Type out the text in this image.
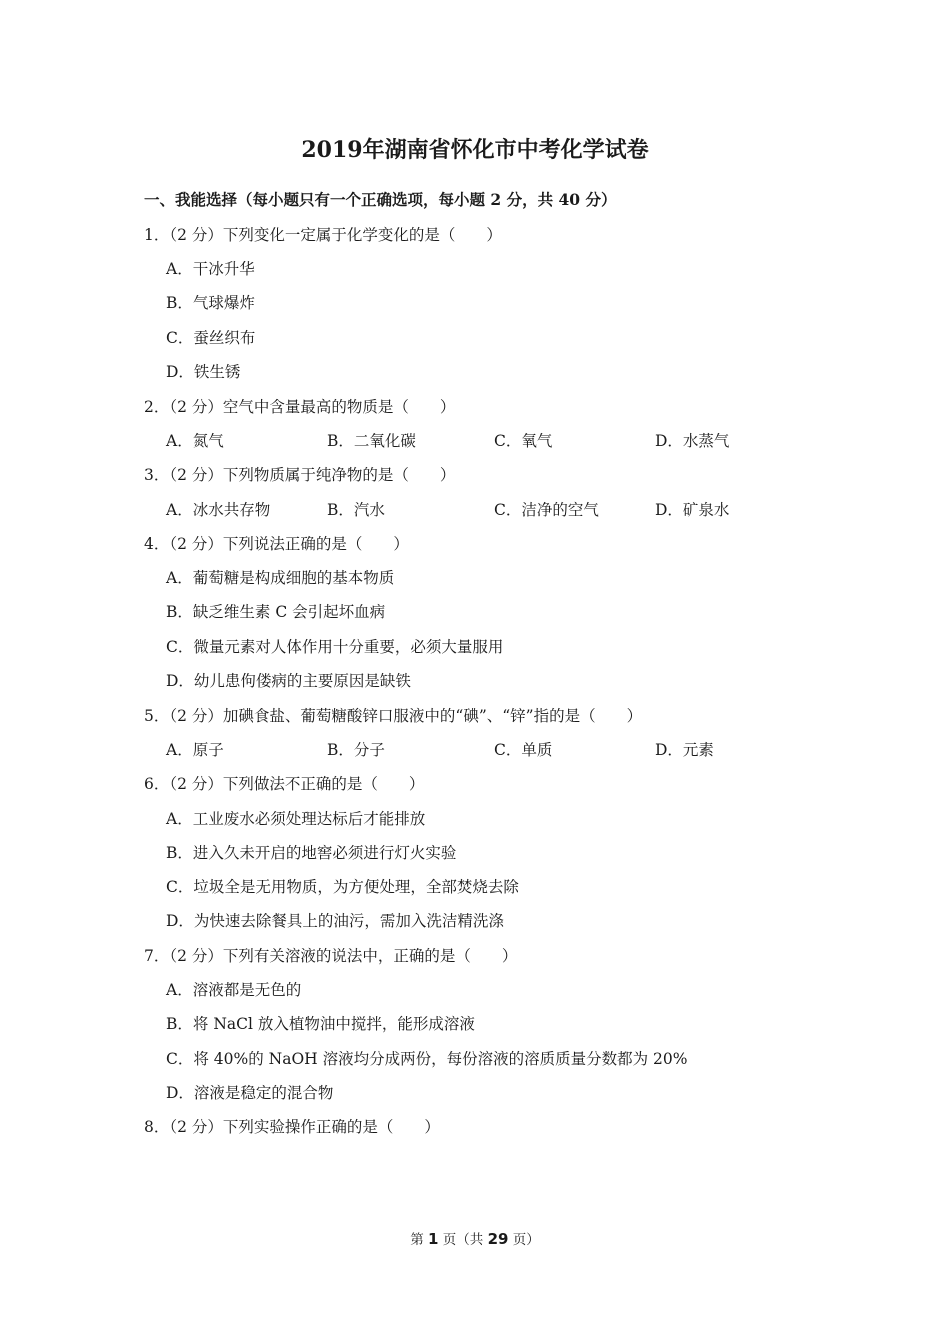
2019年湖南省怀化市中考化学试卷
一、我能选择（每小题只有一个正确选项，每小题 2 分，共 40 分）
1．（2 分）下列变化一定属于化学变化的是（　　）
A．干冰升华
B．气球爆炸
C．蚕丝织布
D．铁生锈
2．（2 分）空气中含量最高的物质是（　　）
A．氮气	B．二氧化碳	C．氧气	D．水蒸气
3．（2 分）下列物质属于纯净物的是（　　）
A．冰水共存物	B．汽水	C．洁净的空气	D．矿泉水
4．（2 分）下列说法正确的是（　　）
A．葡萄糖是构成细胞的基本物质
B．缺乏维生素 C 会引起坏血病
C．微量元素对人体作用十分重要，必须大量服用
D．幼儿患佝偻病的主要原因是缺铁
5．（2 分）加碘食盐、葡萄糖酸锌口服液中的“碘”、“锌”指的是（　　）
A．原子	B．分子	C．单质	D．元素
6．（2 分）下列做法不正确的是（　　）
A．工业废水必须处理达标后才能排放
B．进入久未开启的地窖必须进行灯火实验
C．垃圾全是无用物质，为方便处理，全部焚烧去除
D．为快速去除餐具上的油污，需加入洗洁精洗涤
7．（2 分）下列有关溶液的说法中，正确的是（　　）
A．溶液都是无色的
B．将 NaCl 放入植物油中搅拌，能形成溶液
C．将 40%的 NaOH 溶液均分成两份，每份溶液的溶质质量分数都为 20%
D．溶液是稳定的混合物
8．（2 分）下列实验操作正确的是（　　）
第 1 页（共 29 页）
